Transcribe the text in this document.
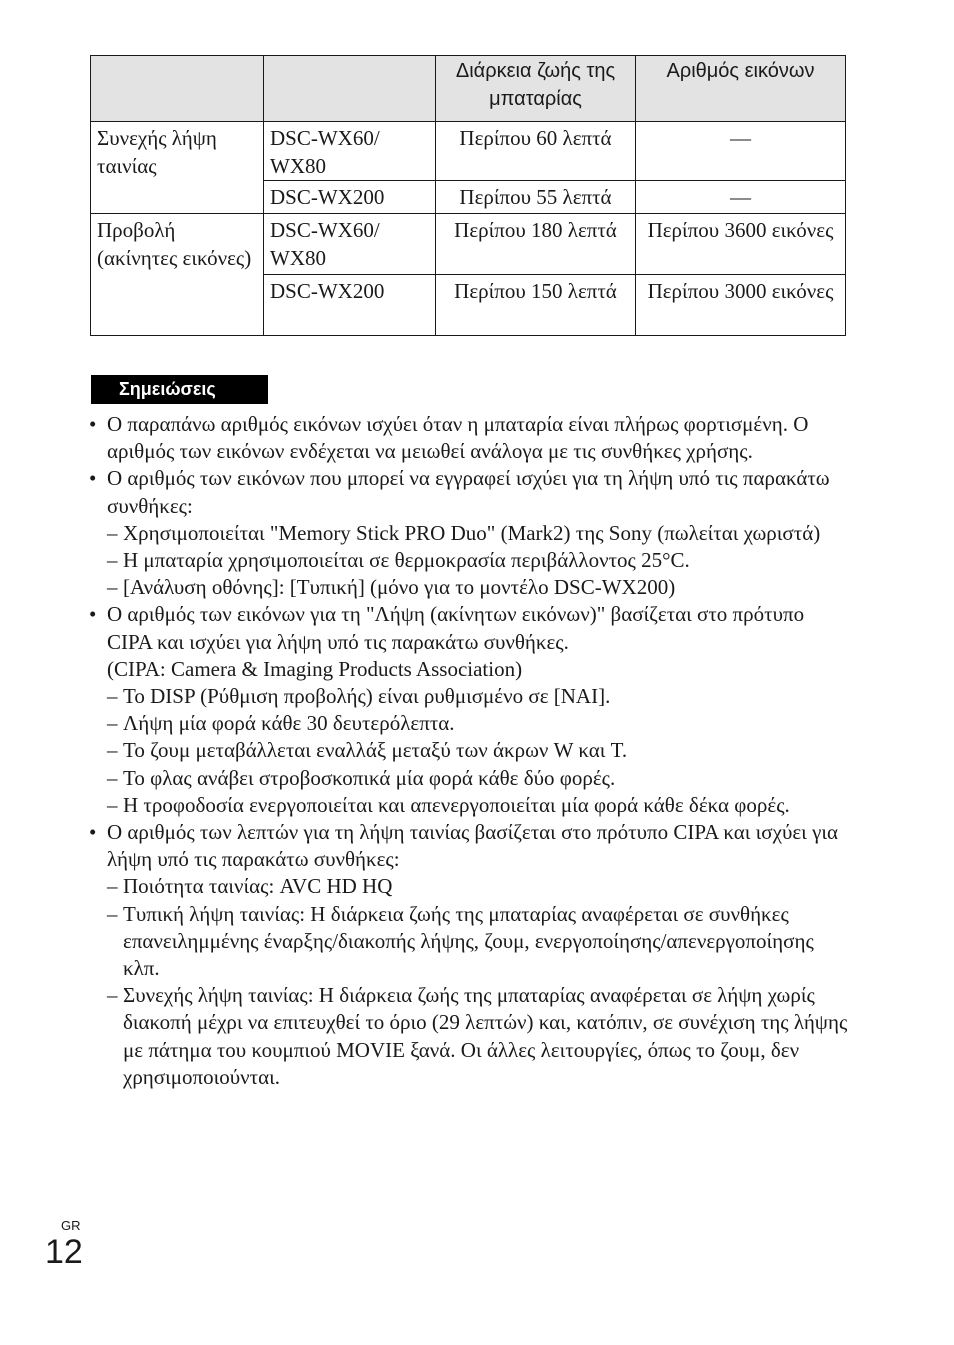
		Διάρκεια ζωής της μπαταρίας	Αριθμός εικόνων
Συνεχής λήψη ταινίας	DSC-WX60/ WX80	Περίπου 60 λεπτά	—
	DSC-WX200	Περίπου 55 λεπτά	—
Προβολή (ακίνητες εικόνες)	DSC-WX60/ WX80	Περίπου 180 λεπτά	Περίπου 3600 εικόνες
	DSC-WX200	Περίπου 150 λεπτά	Περίπου 3000 εικόνες
Σημειώσεις
• Ο παραπάνω αριθμός εικόνων ισχύει όταν η μπαταρία είναι πλήρως φορτισμένη. Ο αριθμός των εικόνων ενδέχεται να μειωθεί ανάλογα με τις συνθήκες χρήσης.
• Ο αριθμός των εικόνων που μπορεί να εγγραφεί ισχύει για τη λήψη υπό τις παρακάτω συνθήκες:
– Χρησιμοποιείται "Memory Stick PRO Duo" (Mark2) της Sony (πωλείται χωριστά)
– Η μπαταρία χρησιμοποιείται σε θερμοκρασία περιβάλλοντος 25°C.
– [Ανάλυση οθόνης]: [Τυπική] (μόνο για το μοντέλο DSC-WX200)
• Ο αριθμός των εικόνων για τη "Λήψη (ακίνητων εικόνων)" βασίζεται στο πρότυπο CIPA και ισχύει για λήψη υπό τις παρακάτω συνθήκες.
(CIPA: Camera & Imaging Products Association)
– Το DISP (Ρύθμιση προβολής) είναι ρυθμισμένο σε [ΝΑΙ].
– Λήψη μία φορά κάθε 30 δευτερόλεπτα.
– Το ζουμ μεταβάλλεται εναλλάξ μεταξύ των άκρων W και T.
– Το φλας ανάβει στροβοσκοπικά μία φορά κάθε δύο φορές.
– Η τροφοδοσία ενεργοποιείται και απενεργοποιείται μία φορά κάθε δέκα φορές.
• Ο αριθμός των λεπτών για τη λήψη ταινίας βασίζεται στο πρότυπο CIPA και ισχύει για λήψη υπό τις παρακάτω συνθήκες:
– Ποιότητα ταινίας: AVC HD HQ
– Τυπική λήψη ταινίας: Η διάρκεια ζωής της μπαταρίας αναφέρεται σε συνθήκες επανειλημμένης έναρξης/διακοπής λήψης, ζουμ, ενεργοποίησης/απενεργοποίησης κλπ.
– Συνεχής λήψη ταινίας: Η διάρκεια ζωής της μπαταρίας αναφέρεται σε λήψη χωρίς διακοπή μέχρι να επιτευχθεί το όριο (29 λεπτών) και, κατόπιν, σε συνέχιση της λήψης με πάτημα του κουμπιού MOVIE ξανά. Οι άλλες λειτουργίες, όπως το ζουμ, δεν χρησιμοποιούνται.
GR
12
